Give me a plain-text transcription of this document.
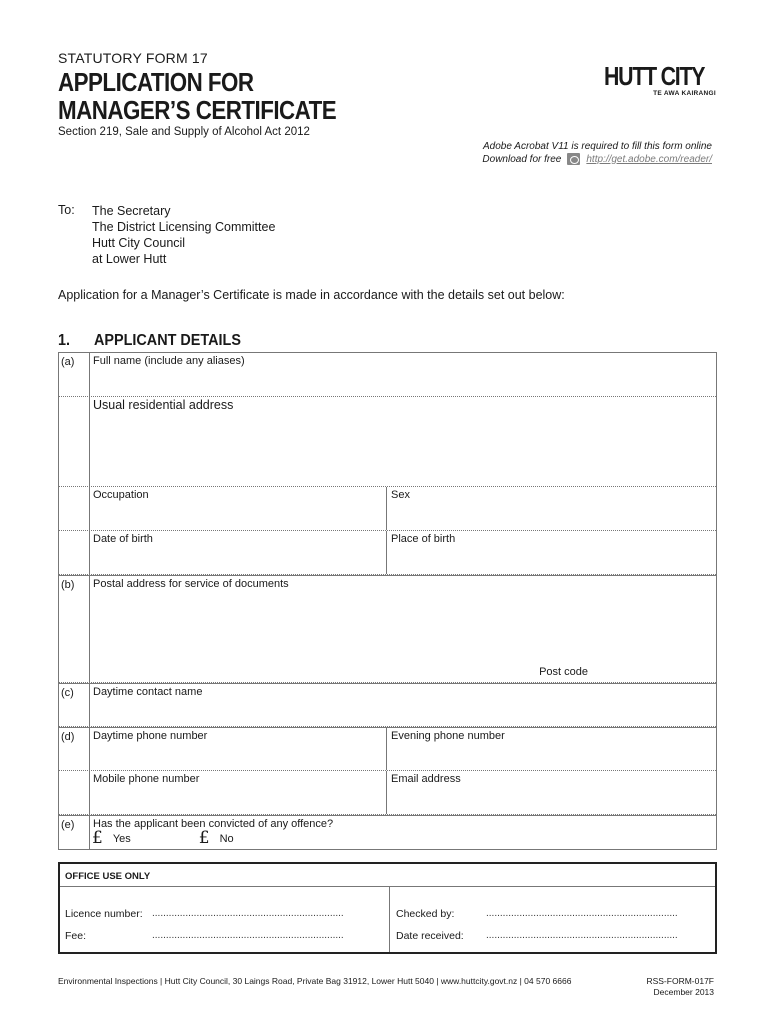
STATUTORY FORM 17
APPLICATION FOR
MANAGER’S CERTIFICATE
Section 219, Sale and Supply of Alcohol Act 2012
HUTT CITY
TE AWA KAIRANGI
Adobe Acrobat V11 is required to fill this form online
Download for free	http://get.adobe.com/reader/
To: The Secretary
The District Licensing Committee
Hutt City Council
at Lower Hutt
Application for a Manager’s Certificate is made in accordance with the details set out below:
1.	APPLICANT DETAILS
(a)	Full name (include any aliases)
Usual residential address
Occupation	Sex
Date of birth	Place of birth
(b)	Postal address for service of documents
Post code
(c)	Daytime contact name
(d)	Daytime phone number	Evening phone number
Mobile phone number	Email address
(e)	Has the applicant been convicted of any offence?
£ Yes	£ No
OFFICE USE ONLY
Licence number: .....................................................................
Fee:	.....................................................................
Checked by:	.....................................................................
Date received: .....................................................................
Environmental Inspections | Hutt City Council, 30 Laings Road, Private Bag 31912, Lower Hutt 5040 | www.huttcity.govt.nz | 04 570 6666	RSS-FORM-017F
December 2013
